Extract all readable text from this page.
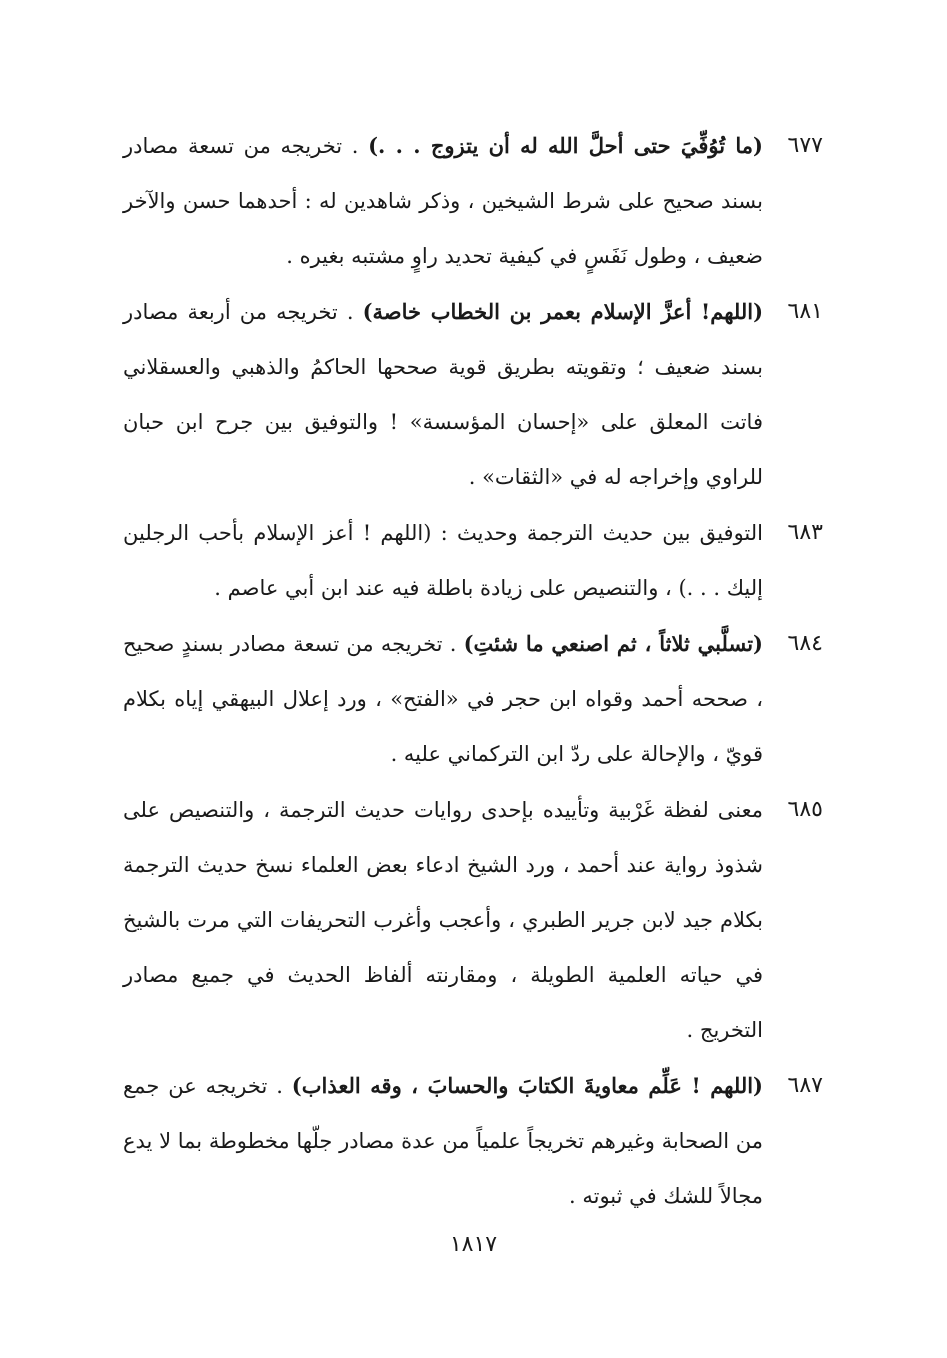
٦٧٧
(ما تُوُفِّيَ حتى أحلَّ الله له أن يتزوج . . .) . تخريجه من تسعة مصادر بسند صحيح على شرط الشيخين ، وذكر شاهدين له : أحدهما حسن والآخر ضعيف ، وطول نَفَسٍ في كيفية تحديد راوٍ مشتبه بغيره .
٦٨١
(اللهم! أعزَّ الإسلام بعمر بن الخطاب خاصة) . تخريجه من أربعة مصادر بسند ضعيف ؛ وتقويته بطريق قوية صححها الحاكمُ والذهبي والعسقلاني فاتت المعلق على «إحسان المؤسسة» ! والتوفيق بين جرح ابن حبان للراوي وإخراجه له في «الثقات» .
٦٨٣
التوفيق بين حديث الترجمة وحديث : (اللهم ! أعز الإسلام بأحب الرجلين إليك . . .) ، والتنصيص على زيادة باطلة فيه عند ابن أبي عاصم .
٦٨٤
(تسلَّبي ثلاثاً ، ثم اصنعي ما شئتِ) . تخريجه من تسعة مصادر بسندٍ صحيح ، صححه أحمد وقواه ابن حجر في «الفتح» ، ورد إعلال البيهقي إياه بكلام قويّ ، والإحالة على ردّ ابن التركماني عليه .
٦٨٥
معنى لفظة غَرْبية وتأييده بإحدى روايات حديث الترجمة ، والتنصيص على شذوذ رواية عند أحمد ، ورد الشيخ ادعاء بعض العلماء نسخ حديث الترجمة بكلام جيد لابن جرير الطبري ، وأعجب وأغرب التحريفات التي مرت بالشيخ في حياته العلمية الطويلة ، ومقارنته ألفاظ الحديث في جميع مصادر التخريج .
٦٨٧
(اللهم ! عَلِّم معاويةَ الكتابَ والحسابَ ، وقه العذاب) . تخريجه عن جمع من الصحابة وغيرهم تخريجاً علمياً من عدة مصادر جلّها مخطوطة بما لا يدع مجالاً للشك في ثبوته .
١٨١٧
